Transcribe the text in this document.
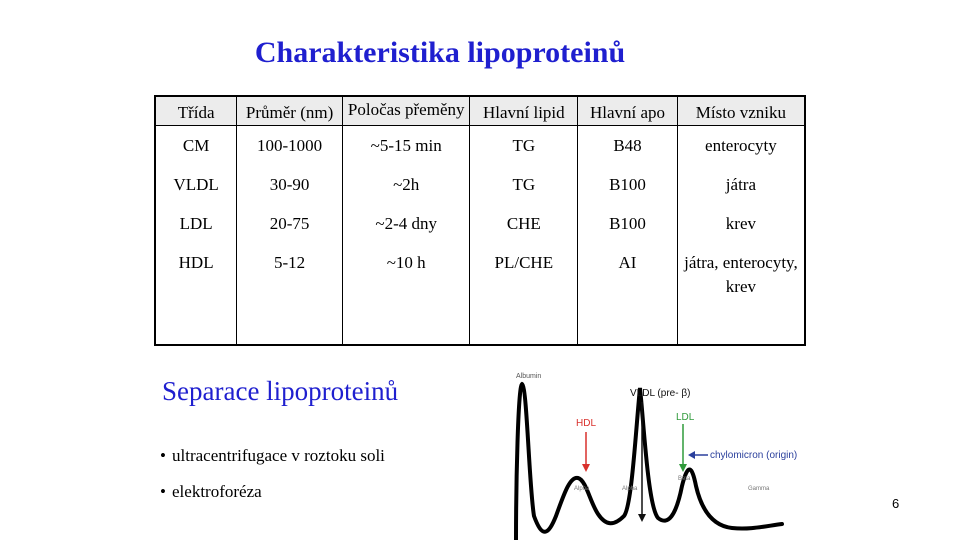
Charakteristika lipoproteinů
Třída	Průměr (nm)	Poločas přeměny	Hlavní lipid	Hlavní apo	Místo vzniku
CM	100-1000	~5-15 min	TG	B48	enterocyty
VLDL	30-90	~2h	TG	B100	játra
LDL	20-75	~2-4 dny	CHE	B100	krev
HDL	5-12	~10 h	PL/CHE	AI	játra, enterocyty, krev
Separace lipoproteinů
• ultracentrifugace v roztoku soli
• elektroforéza
Albumin
VLDL (pre- β)
HDL
LDL
chylomicron (origin)
Alpha	Alpha
Beta
Gamma
6
